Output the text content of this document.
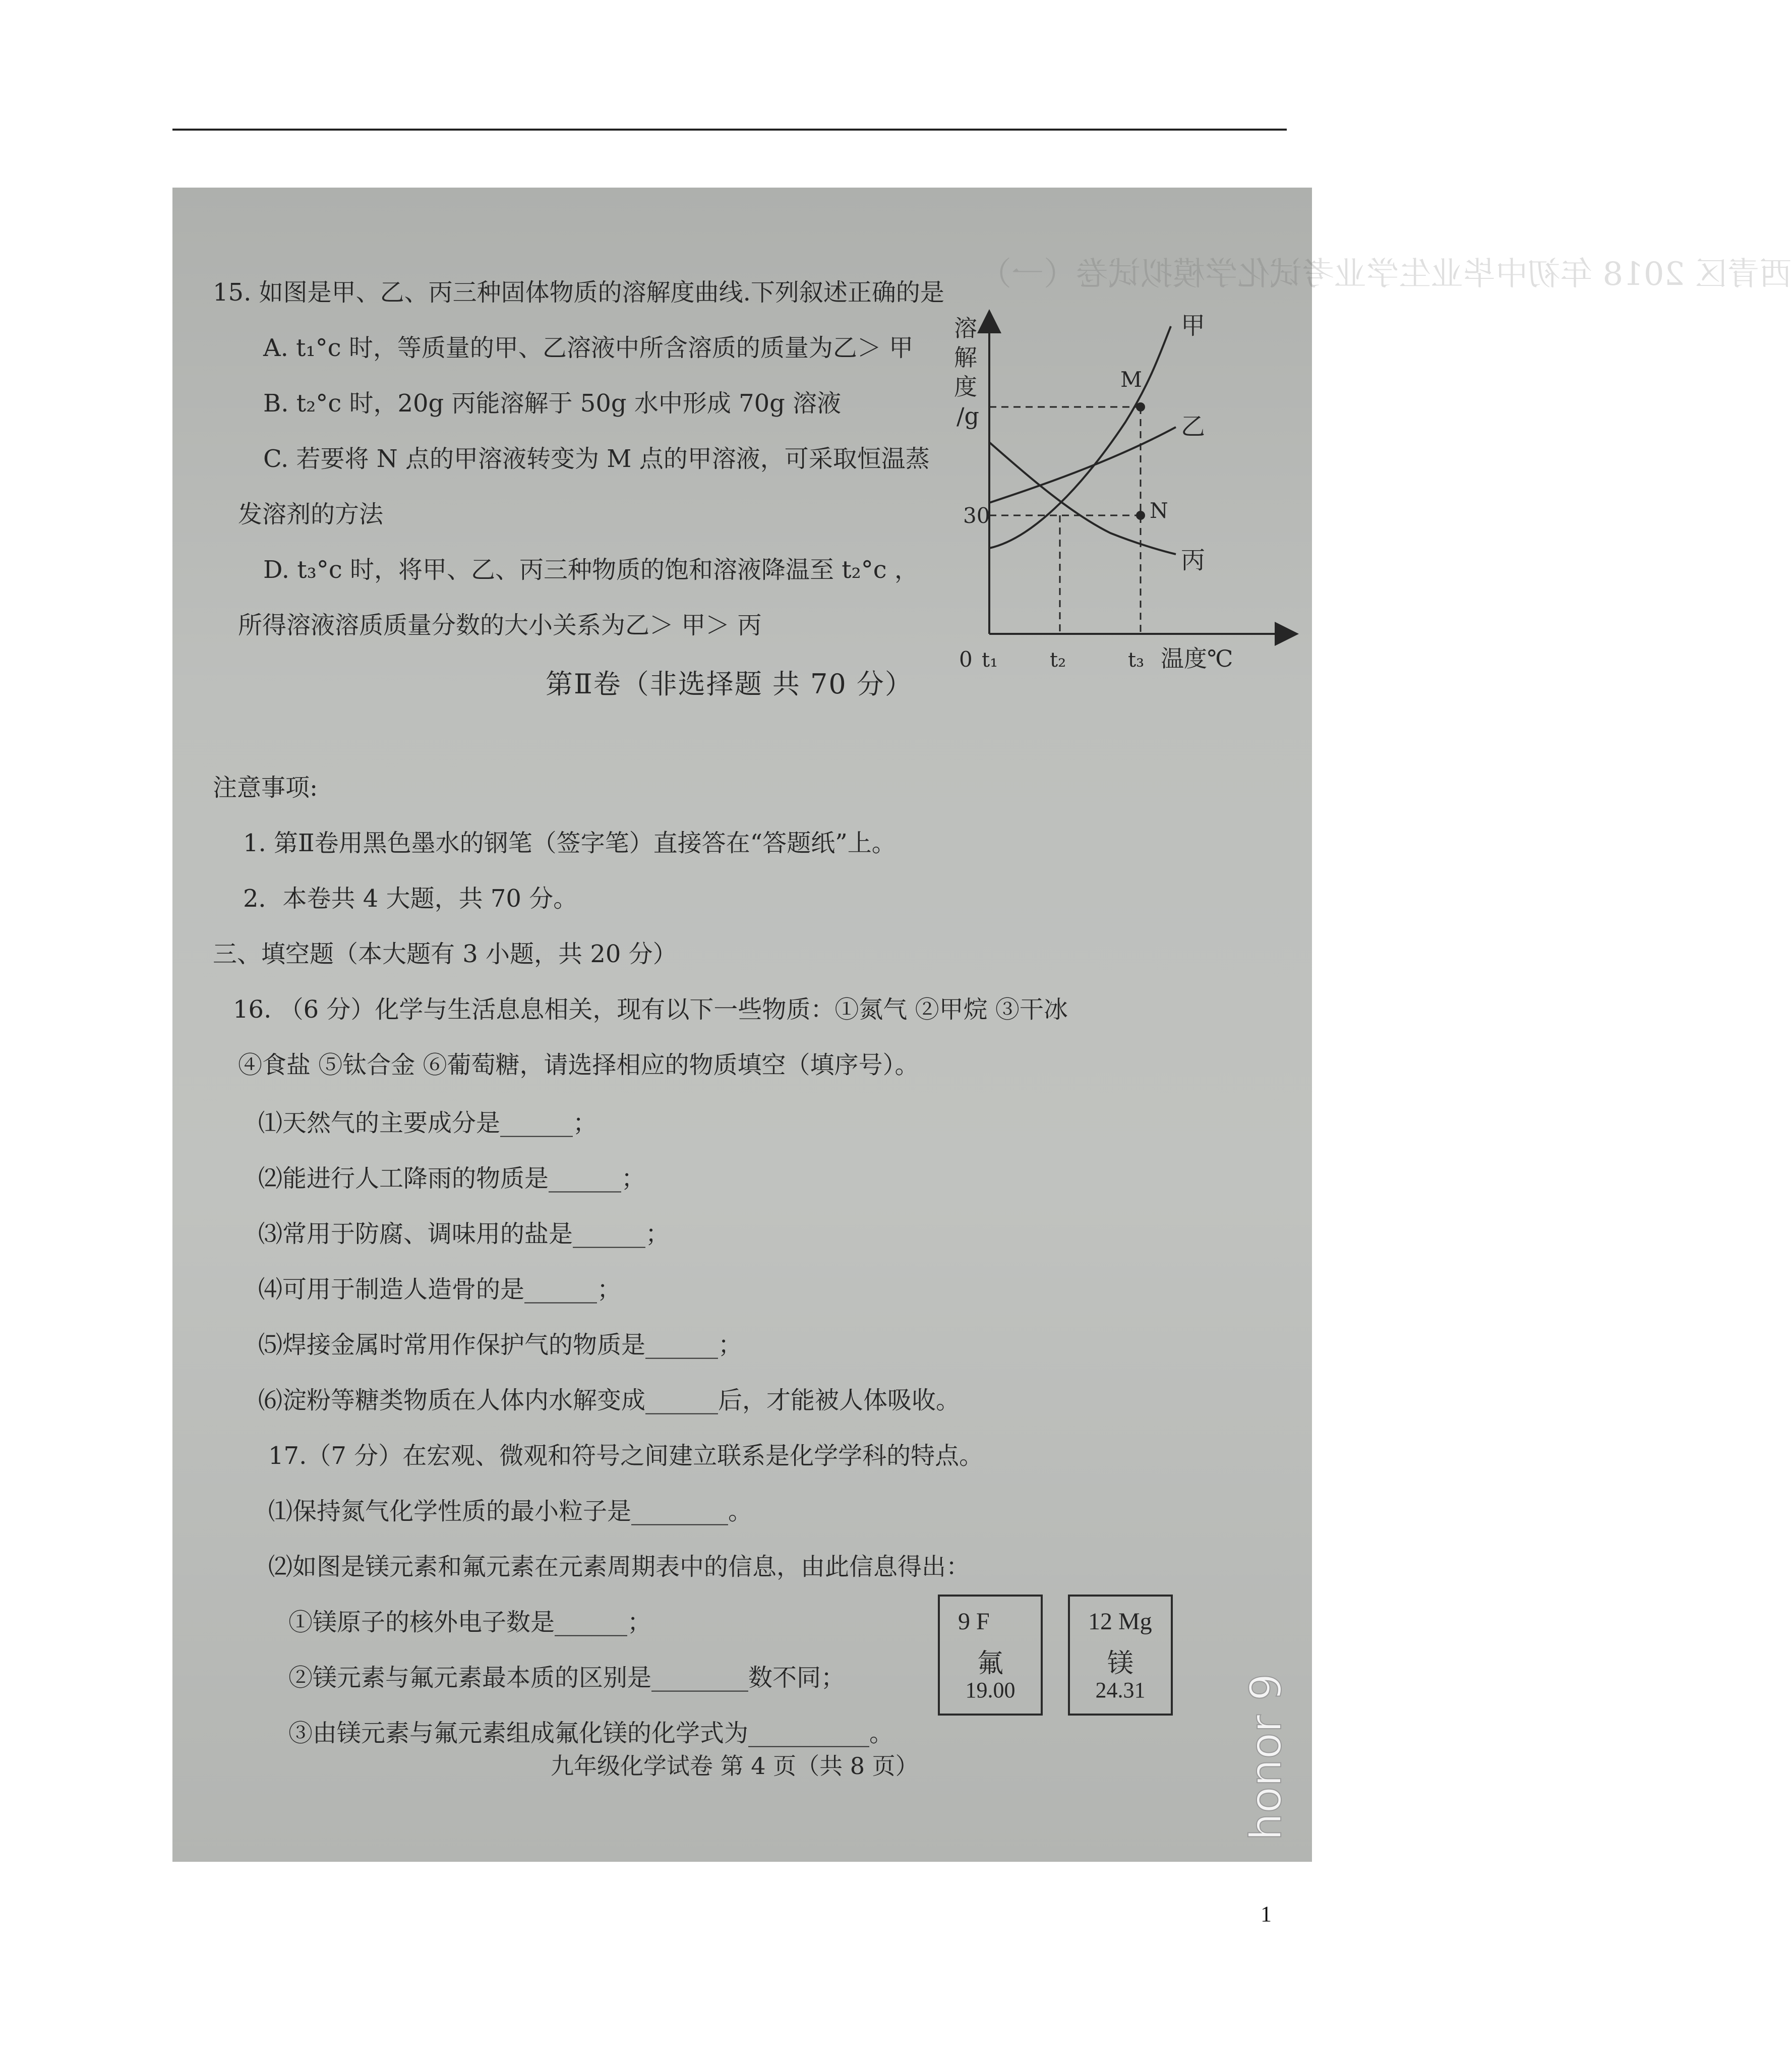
西青区 2018 年初中毕业生学业考试化学模拟试卷（一）
15. 如图是甲、乙、丙三种固体物质的溶解度曲线.下列叙述正确的是
A. t₁°c 时，等质量的甲、乙溶液中所含溶质的质量为乙＞ 甲
B. t₂°c 时，20g 丙能溶解于 50g 水中形成 70g 溶液
C. 若要将 N 点的甲溶液转变为 M 点的甲溶液，可采取恒温蒸
发溶剂的方法
D. t₃°c 时，将甲、乙、丙三种物质的饱和溶液降温至 t₂°c ，
所得溶液溶质质量分数的大小关系为乙＞ 甲＞ 丙
溶
解
度
/g
30
0 t₁	t₂	t₃ 温度℃
M
N
甲
乙
丙
第Ⅱ卷（非选择题 共 70 分）
注意事项:
1. 第Ⅱ卷用黑色墨水的钢笔（签字笔）直接答在“答题纸”上。
2．本卷共 4 大题，共 70 分。
三、填空题（本大题有 3 小题，共 20 分）
16. （6 分）化学与生活息息相关，现有以下一些物质：①氮气 ②甲烷 ③干冰
④食盐 ⑤钛合金 ⑥葡萄糖，请选择相应的物质填空（填序号）。
⑴天然气的主要成分是______；
⑵能进行人工降雨的物质是______；
⑶常用于防腐、调味用的盐是______；
⑷可用于制造人造骨的是______；
⑸焊接金属时常用作保护气的物质是______；
⑹淀粉等糖类物质在人体内水解变成______后，才能被人体吸收。
17.（7 分）在宏观、微观和符号之间建立联系是化学学科的特点。
⑴保持氮气化学性质的最小粒子是________。
⑵如图是镁元素和氟元素在元素周期表中的信息，由此信息得出：
①镁原子的核外电子数是______；
②镁元素与氟元素最本质的区别是________数不同；
③由镁元素与氟元素组成氟化镁的化学式为__________。
9 F
氟
19.00
12 Mg
镁
24.31
九年级化学试卷 第 4 页（共 8 页）	honor 9
1
